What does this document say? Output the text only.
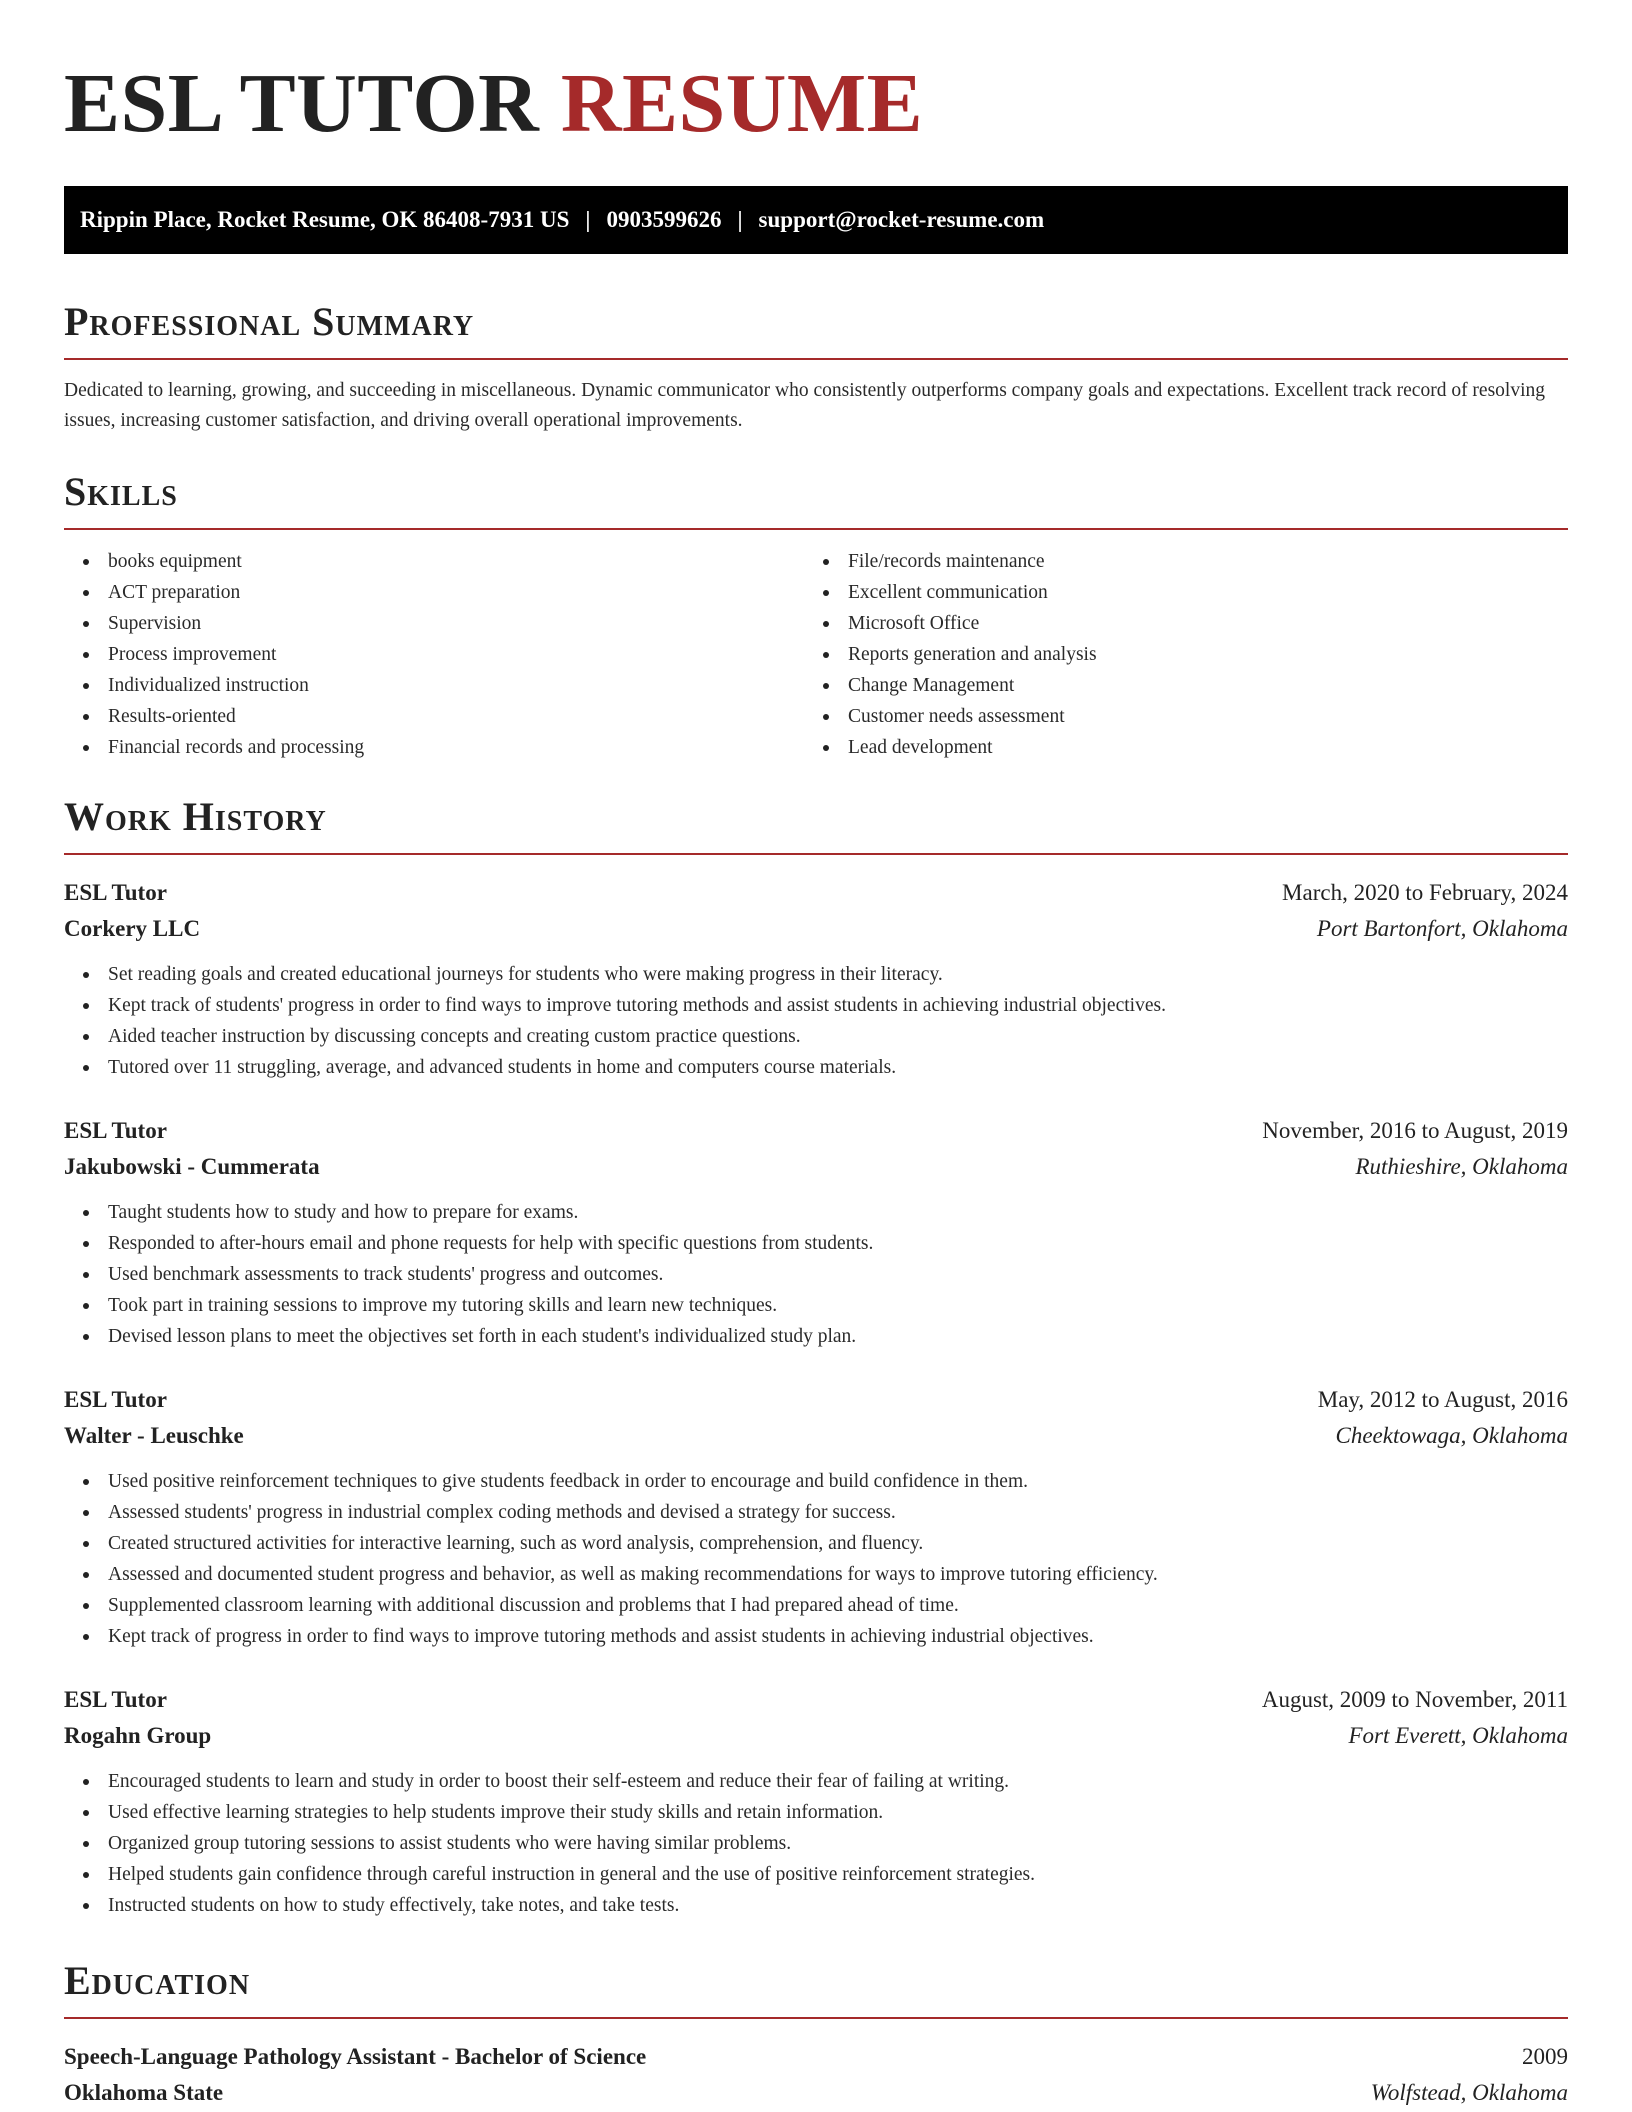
ESL TUTOR RESUME
Rippin Place, Rocket Resume, OK 86408-7931 US | 0903599626 | support@rocket-resume.com
Professional Summary

Dedicated to learning, growing, and succeeding in miscellaneous. Dynamic communicator who consistently outperforms company goals and expectations. Excellent track record of resolving issues, increasing customer satisfaction, and driving overall operational improvements.

Skills
books equipment
ACT preparation
Supervision
Process improvement
Individualized instruction
Results-oriented
Financial records and processing
File/records maintenance
Excellent communication
Microsoft Office
Reports generation and analysis
Change Management
Customer needs assessment
Lead development
Work History
ESL Tutor	March, 2020 to February, 2024
Corkery LLC	Port Bartonfort, Oklahoma
Set reading goals and created educational journeys for students who were making progress in their literacy.
Kept track of students' progress in order to find ways to improve tutoring methods and assist students in achieving industrial objectives.
Aided teacher instruction by discussing concepts and creating custom practice questions.
Tutored over 11 struggling, average, and advanced students in home and computers course materials.
ESL Tutor	November, 2016 to August, 2019
Jakubowski - Cummerata	Ruthieshire, Oklahoma
Taught students how to study and how to prepare for exams.
Responded to after-hours email and phone requests for help with specific questions from students.
Used benchmark assessments to track students' progress and outcomes.
Took part in training sessions to improve my tutoring skills and learn new techniques.
Devised lesson plans to meet the objectives set forth in each student's individualized study plan.
ESL Tutor	May, 2012 to August, 2016
Walter - Leuschke	Cheektowaga, Oklahoma
Used positive reinforcement techniques to give students feedback in order to encourage and build confidence in them.
Assessed students' progress in industrial complex coding methods and devised a strategy for success.
Created structured activities for interactive learning, such as word analysis, comprehension, and fluency.
Assessed and documented student progress and behavior, as well as making recommendations for ways to improve tutoring efficiency.
Supplemented classroom learning with additional discussion and problems that I had prepared ahead of time.
Kept track of progress in order to find ways to improve tutoring methods and assist students in achieving industrial objectives.
ESL Tutor	August, 2009 to November, 2011
Rogahn Group	Fort Everett, Oklahoma
Encouraged students to learn and study in order to boost their self-esteem and reduce their fear of failing at writing.
Used effective learning strategies to help students improve their study skills and retain information.
Organized group tutoring sessions to assist students who were having similar problems.
Helped students gain confidence through careful instruction in general and the use of positive reinforcement strategies.
Instructed students on how to study effectively, take notes, and take tests.
Education
Speech-Language Pathology Assistant - Bachelor of Science	2009
Oklahoma State	Wolfstead, Oklahoma
